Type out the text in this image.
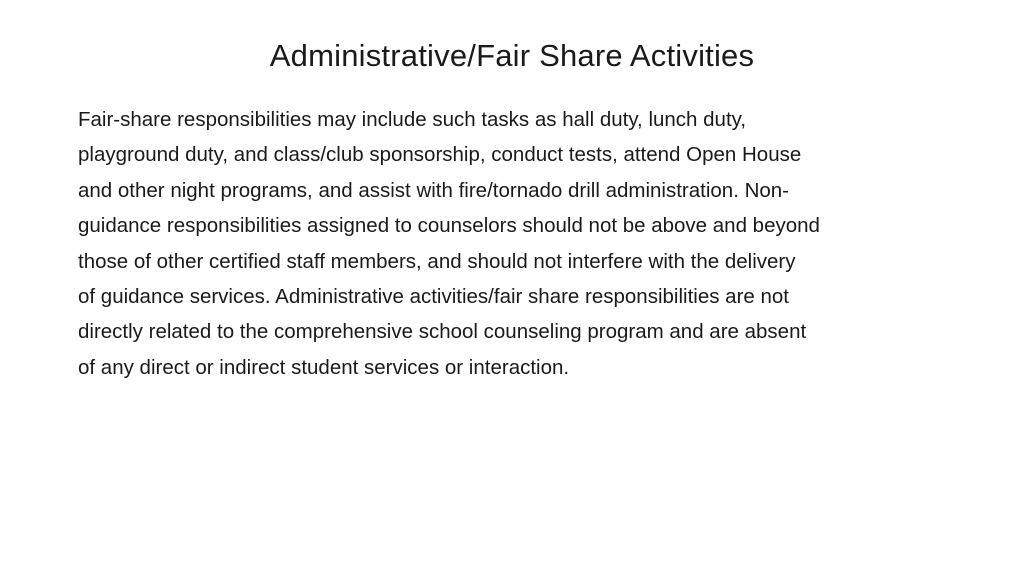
Administrative/Fair Share Activities
Fair-share responsibilities may include such tasks as hall duty, lunch duty,
playground duty, and class/club sponsorship, conduct tests, attend Open House
and other night programs, and assist with fire/tornado drill administration. Non-
guidance responsibilities assigned to counselors should not be above and beyond
those of other certified staff members, and should not interfere with the delivery
of guidance services. Administrative activities/fair share responsibilities are not
directly related to the comprehensive school counseling program and are absent
of any direct or indirect student services or interaction.
